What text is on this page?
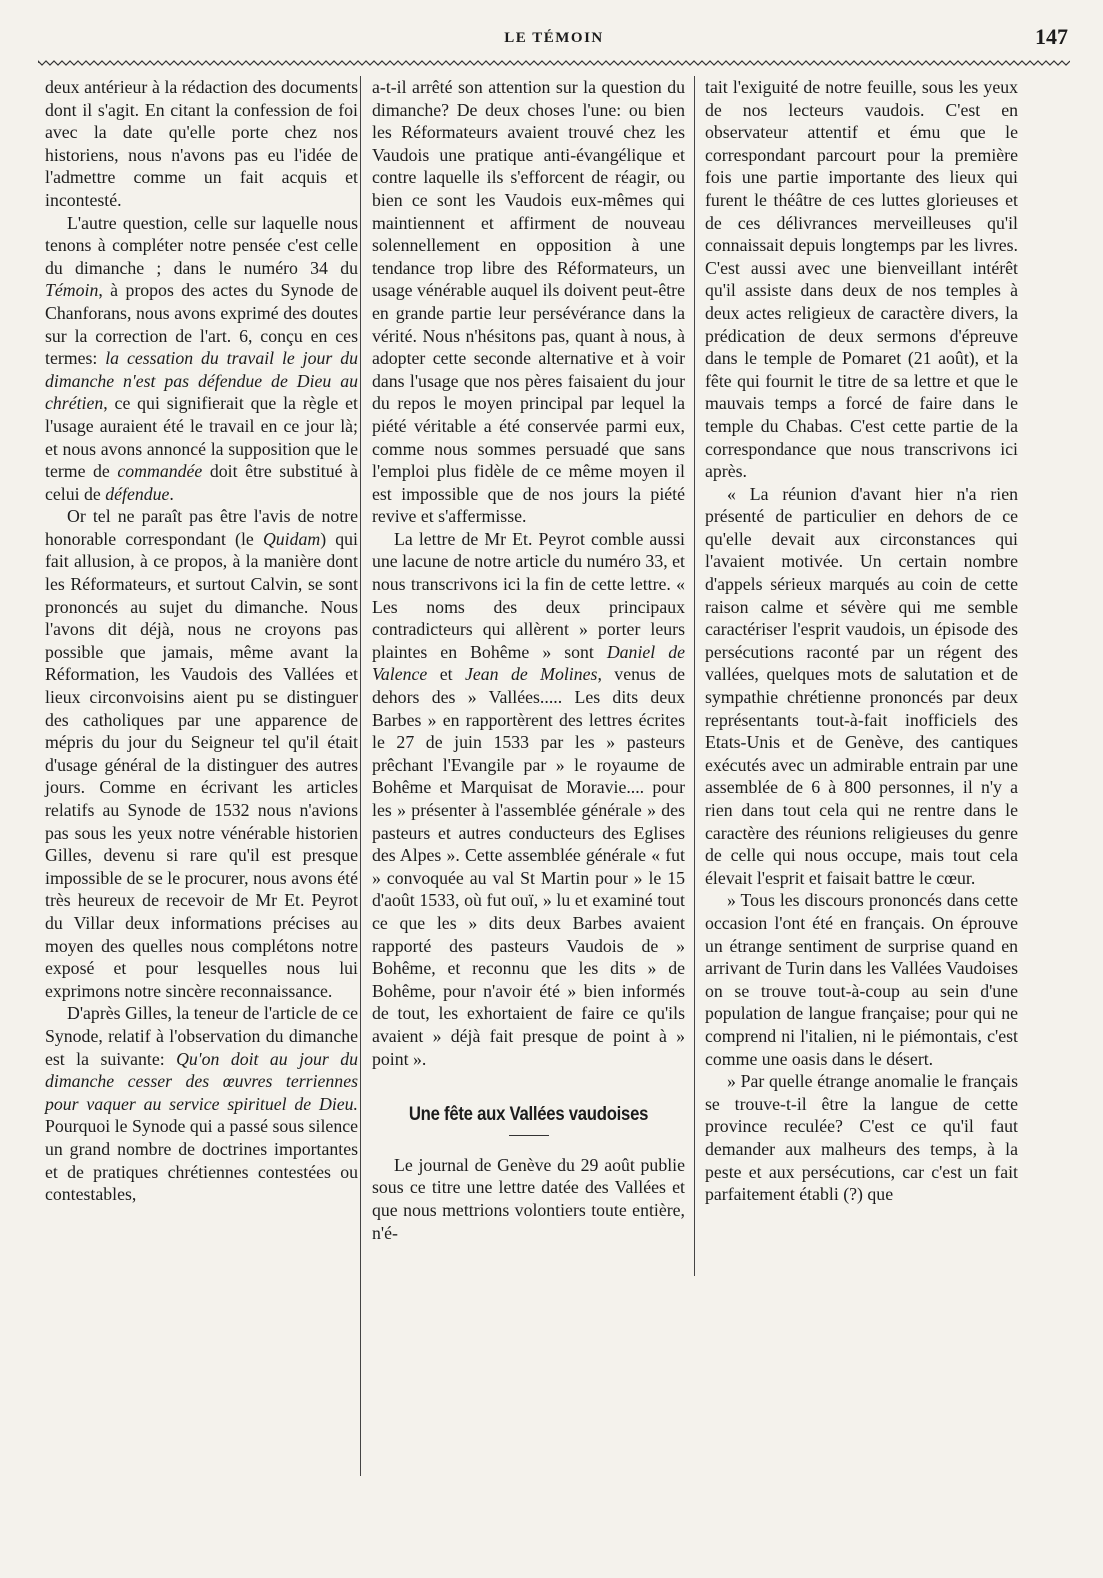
LE TÉMOIN	147

deux antérieur à la rédaction des documents dont il s'agit. En citant la confession de foi avec la date qu'elle porte chez nos historiens, nous n'avons pas eu l'idée de l'admettre comme un fait acquis et incontesté.

L'autre question, celle sur laquelle nous tenons à compléter notre pensée c'est celle du dimanche ; dans le numéro 34 du Témoin, à propos des actes du Synode de Chanforans, nous avons exprimé des doutes sur la correction de l'art. 6, conçu en ces termes: la cessation du travail le jour du dimanche n'est pas défendue de Dieu au chrétien, ce qui signifierait que la règle et l'usage auraient été le travail en ce jour là; et nous avons annoncé la supposition que le terme de commandée doit être substitué à celui de défendue.

Or tel ne paraît pas être l'avis de notre honorable correspondant (le Quidam) qui fait allusion, à ce propos, à la manière dont les Réformateurs, et surtout Calvin, se sont prononcés au sujet du dimanche. Nous l'avons dit déjà, nous ne croyons pas possible que jamais, même avant la Réformation, les Vaudois des Vallées et lieux circonvoisins aient pu se distinguer des catholiques par une apparence de mépris du jour du Seigneur tel qu'il était d'usage général de la distinguer des autres jours. Comme en écrivant les articles relatifs au Synode de 1532 nous n'avions pas sous les yeux notre vénérable historien Gilles, devenu si rare qu'il est presque impossible de se le procurer, nous avons été très heureux de recevoir de Mr Et. Peyrot du Villar deux informations précises au moyen des quelles nous complétons notre exposé et pour lesquelles nous lui exprimons notre sincère reconnaissance.

D'après Gilles, la teneur de l'article de ce Synode, relatif à l'observation du dimanche est la suivante: Qu'on doit au jour du dimanche cesser des œuvres terriennes pour vaquer au service spirituel de Dieu. Pourquoi le Synode qui a passé sous silence un grand nombre de doctrines importantes et de pratiques chrétiennes contestées ou contestables,

a-t-il arrêté son attention sur la question du dimanche? De deux choses l'une: ou bien les Réformateurs avaient trouvé chez les Vaudois une pratique anti-évangélique et contre laquelle ils s'efforcent de réagir, ou bien ce sont les Vaudois eux-mêmes qui maintiennent et affirment de nouveau solennellement en opposition à une tendance trop libre des Réformateurs, un usage vénérable auquel ils doivent peut-être en grande partie leur persévérance dans la vérité. Nous n'hésitons pas, quant à nous, à adopter cette seconde alternative et à voir dans l'usage que nos pères faisaient du jour du repos le moyen principal par lequel la piété véritable a été conservée parmi eux, comme nous sommes persuadé que sans l'emploi plus fidèle de ce même moyen il est impossible que de nos jours la piété revive et s'affermisse.

La lettre de Mr Et. Peyrot comble aussi une lacune de notre article du numéro 33, et nous transcrivons ici la fin de cette lettre. « Les noms des deux principaux contradicteurs qui allèrent » porter leurs plaintes en Bohême » sont Daniel de Valence et Jean de Molines, venus de dehors des » Vallées..... Les dits deux Barbes » en rapportèrent des lettres écrites le 27 de juin 1533 par les » pasteurs prêchant l'Evangile par » le royaume de Bohême et Marquisat de Moravie.... pour les » présenter à l'assemblée générale » des pasteurs et autres conducteurs des Eglises des Alpes ». Cette assemblée générale « fut » convoquée au val St Martin pour » le 15 d'août 1533, où fut ouï, » lu et examiné tout ce que les » dits deux Barbes avaient rapporté des pasteurs Vaudois de » Bohême, et reconnu que les dits » de Bohême, pour n'avoir été » bien informés de tout, les exhortaient de faire ce qu'ils avaient » déjà fait presque de point à » point ».

Une fête aux Vallées vaudoises

Le journal de Genève du 29 août publie sous ce titre une lettre datée des Vallées et que nous mettrions volontiers toute entière, n'é-

tait l'exiguité de notre feuille, sous les yeux de nos lecteurs vaudois. C'est en observateur attentif et ému que le correspondant parcourt pour la première fois une partie importante des lieux qui furent le théâtre de ces luttes glorieuses et de ces délivrances merveilleuses qu'il connaissait depuis longtemps par les livres. C'est aussi avec une bienveillant intérêt qu'il assiste dans deux de nos temples à deux actes religieux de caractère divers, la prédication de deux sermons d'épreuve dans le temple de Pomaret (21 août), et la fête qui fournit le titre de sa lettre et que le mauvais temps a forcé de faire dans le temple du Chabas. C'est cette partie de la correspondance que nous transcrivons ici après.

« La réunion d'avant hier n'a rien présenté de particulier en dehors de ce qu'elle devait aux circonstances qui l'avaient motivée. Un certain nombre d'appels sérieux marqués au coin de cette raison calme et sévère qui me semble caractériser l'esprit vaudois, un épisode des persécutions raconté par un régent des vallées, quelques mots de salutation et de sympathie chrétienne prononcés par deux représentants tout-à-fait inofficiels des Etats-Unis et de Genève, des cantiques exécutés avec un admirable entrain par une assemblée de 6 à 800 personnes, il n'y a rien dans tout cela qui ne rentre dans le caractère des réunions religieuses du genre de celle qui nous occupe, mais tout cela élevait l'esprit et faisait battre le cœur.

» Tous les discours prononcés dans cette occasion l'ont été en français. On éprouve un étrange sentiment de surprise quand en arrivant de Turin dans les Vallées Vaudoises on se trouve tout-à-coup au sein d'une population de langue française; pour qui ne comprend ni l'italien, ni le piémontais, c'est comme une oasis dans le désert.

» Par quelle étrange anomalie le français se trouve-t-il être la langue de cette province reculée? C'est ce qu'il faut demander aux malheurs des temps, à la peste et aux persécutions, car c'est un fait parfaitement établi (?) que
